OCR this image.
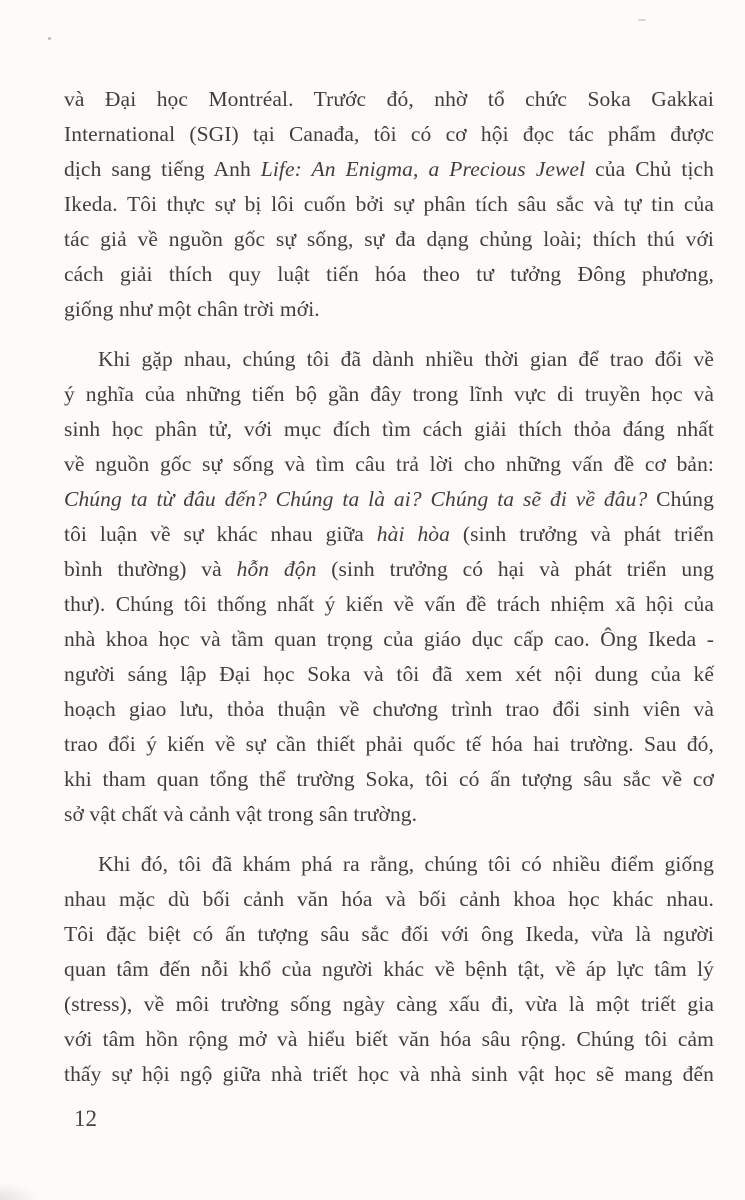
và Đại học Montréal. Trước đó, nhờ tổ chức Soka Gakkai
International (SGI) tại Canađa, tôi có cơ hội đọc tác phẩm được
dịch sang tiếng Anh Life: An Enigma, a Precious Jewel của Chủ tịch
Ikeda. Tôi thực sự bị lôi cuốn bởi sự phân tích sâu sắc và tự tin của
tác giả về nguồn gốc sự sống, sự đa dạng chủng loài; thích thú với
cách giải thích quy luật tiến hóa theo tư tưởng Đông phương,
giống như một chân trời mới.
Khi gặp nhau, chúng tôi đã dành nhiều thời gian để trao đổi về
ý nghĩa của những tiến bộ gần đây trong lĩnh vực di truyền học và
sinh học phân tử, với mục đích tìm cách giải thích thỏa đáng nhất
về nguồn gốc sự sống và tìm câu trả lời cho những vấn đề cơ bản:
Chúng ta từ đâu đến? Chúng ta là ai? Chúng ta sẽ đi về đâu? Chúng
tôi luận về sự khác nhau giữa hài hòa (sinh trưởng và phát triển
bình thường) và hỗn độn (sinh trưởng có hại và phát triển ung
thư). Chúng tôi thống nhất ý kiến về vấn đề trách nhiệm xã hội của
nhà khoa học và tầm quan trọng của giáo dục cấp cao. Ông Ikeda -
người sáng lập Đại học Soka và tôi đã xem xét nội dung của kế
hoạch giao lưu, thỏa thuận về chương trình trao đổi sinh viên và
trao đổi ý kiến về sự cần thiết phải quốc tế hóa hai trường. Sau đó,
khi tham quan tổng thể trường Soka, tôi có ấn tượng sâu sắc về cơ
sở vật chất và cảnh vật trong sân trường.
Khi đó, tôi đã khám phá ra rằng, chúng tôi có nhiều điểm giống
nhau mặc dù bối cảnh văn hóa và bối cảnh khoa học khác nhau.
Tôi đặc biệt có ấn tượng sâu sắc đối với ông Ikeda, vừa là người
quan tâm đến nỗi khổ của người khác về bệnh tật, về áp lực tâm lý
(stress), về môi trường sống ngày càng xấu đi, vừa là một triết gia
với tâm hồn rộng mở và hiểu biết văn hóa sâu rộng. Chúng tôi cảm
thấy sự hội ngộ giữa nhà triết học và nhà sinh vật học sẽ mang đến
12
